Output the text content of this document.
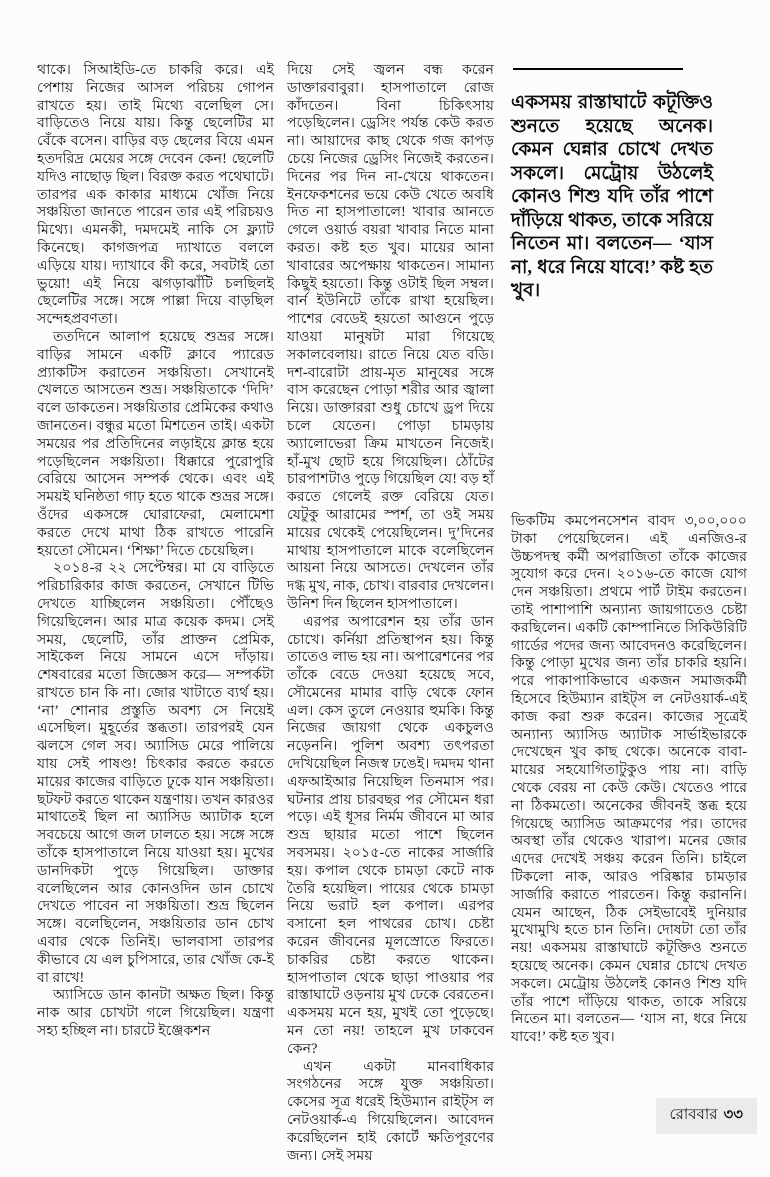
থাকে। সিআইডি-তে চাকরি করে। এই পেশায় নিজের আসল পরিচয় গোপন রাখতে হয়। তাই মিথ্যে বলেছিল সে। বাড়িতেও নিয়ে যায়। কিন্তু ছেলেটির মা বেঁকে বসেন। বাড়ির বড় ছেলের বিয়ে এমন হতদরিদ্র মেয়ের সঙ্গে দেবেন কেন! ছেলেটি যদিও নাছোড় ছিল। বিরক্ত করত পথেঘাটে। তারপর এক কাকার মাধ্যমে খোঁজ নিয়ে সঞ্চয়িতা জানতে পারেন তার এই পরিচয়ও মিথ্যে। এমনকী, দমদমেই নাকি সে ফ্ল্যাট কিনেছে। কাগজপত্র দ্যাখাতে বললে এড়িয়ে যায়। দ্যাখাবে কী করে, সবটাই তো ভুয়ো! এই নিয়ে ঝগড়াঝাঁটি চলছিলই ছেলেটির সঙ্গে। সঙ্গে পাল্লা দিয়ে বাড়ছিল সন্দেহপ্রবণতা।

ততদিনে আলাপ হয়েছে শুভ্রর সঙ্গে। বাড়ির সামনে একটি ক্লাবে প্যারেড প্র্যাকটিস করাতেন সঞ্চয়িতা। সেখানেই খেলতে আসতেন শুভ্র। সঞ্চয়িতাকে ‘দিদি’ বলে ডাকতেন। সঞ্চয়িতার প্রেমিকের কথাও জানতেন। বন্ধুর মতো মিশতেন তাই। একটা সময়ের পর প্রতিদিনের লড়াইয়ে ক্লান্ত হয়ে পড়েছিলেন সঞ্চয়িতা। ধিক্কারে পুরোপুরি বেরিয়ে আসেন সম্পর্ক থেকে। এবং এই সময়ই ঘনিষ্ঠতা গাঢ় হতে থাকে শুভ্রর সঙ্গে। ওঁদের একসঙ্গে ঘোরাফেরা, মেলামেশা করতে দেখে মাথা ঠিক রাখতে পারেনি হয়তো সৌমেন। ‘শিক্ষা’ দিতে চেয়েছিল।

২০১৪-র ২২ সেপ্টেম্বর। মা যে বাড়িতে পরিচারিকার কাজ করতেন, সেখানে টিভি দেখতে যাচ্ছিলেন সঞ্চয়িতা। পৌঁছেও গিয়েছিলেন। আর মাত্র কয়েক কদম। সেই সময়, ছেলেটি, তাঁর প্রাক্তন প্রেমিক, সাইকেল নিয়ে সামনে এসে দাঁড়ায়। শেষবারের মতো জিজ্ঞেস করে— সম্পর্কটা রাখতে চান কি না। জোর খাটাতে ব্যর্থ হয়। ‘না’ শোনার প্রস্তুতি অবশ্য সে নিয়েই এসেছিল। মুহূর্তের স্তব্ধতা। তারপরই যেন ঝলসে গেল সব। অ্যাসিড মেরে পালিয়ে যায় সেই পাষণ্ড! চিৎকার করতে করতে মায়ের কাজের বাড়িতে ঢুকে যান সঞ্চয়িতা। ছটফট করতে থাকেন যন্ত্রণায়। তখন কারওর মাথাতেই ছিল না অ্যাসিড অ্যাটাক হলে সবচেয়ে আগে জল ঢালতে হয়। সঙ্গে সঙ্গে তাঁকে হাসপাতালে নিয়ে যাওয়া হয়। মুখের ডানদিকটা পুড়ে গিয়েছিল। ডাক্তার বলেছিলেন আর কোনওদিন ডান চোখে দেখতে পাবেন না সঞ্চয়িতা। শুভ্র ছিলেন সঙ্গে। বলেছিলেন, সঞ্চয়িতার ডান চোখ এবার থেকে তিনিই। ভালবাসা তারপর কীভাবে যে এল চুপিসারে, তার খোঁজ কে-ই বা রাখে!

অ্যাসিডে ডান কানটা অক্ষত ছিল। কিন্তু নাক আর চোখটা গলে গিয়েছিল। যন্ত্রণা সহ্য হচ্ছিল না। চারটে ইঞ্জেকশন

দিয়ে সেই জ্বলন বন্ধ করেন ডাক্তারবাবুরা। হাসপাতালে রোজ কাঁদতেন। বিনা চিকিৎসায় পড়েছিলেন। ড্রেসিং পর্যন্ত কেউ করত না। আয়াদের কাছ থেকে গজ কাপড় চেয়ে নিজের ড্রেসিং নিজেই করতেন। দিনের পর দিন না-খেয়ে থাকতেন। ইনফেকশনের ভয়ে কেউ খেতে অবধি দিত না হাসপাতালে! খাবার আনতে গেলে ওয়ার্ড বয়রা খাবার নিতে মানা করত। কষ্ট হত খুব। মায়ের আনা খাবারের অপেক্ষায় থাকতেন। সামান্য কিছুই হয়তো। কিন্তু ওটাই ছিল সম্বল। বার্ন ইউনিটে তাঁকে রাখা হয়েছিল। পাশের বেডেই হয়তো আগুনে পুড়ে যাওয়া মানুষটা মারা গিয়েছে সকালবেলায়। রাতে নিয়ে যেত বডি। দশ-বারোটা প্রায়-মৃত মানুষের সঙ্গে বাস করেছেন পোড়া শরীর আর জ্বালা নিয়ে। ডাক্তাররা শুধু চোখে ড্রপ দিয়ে চলে যেতেন। পোড়া চামড়ায় অ্যালোভেরা ক্রিম মাখতেন নিজেই। হাঁ-মুখ ছোট হয়ে গিয়েছিল। ঠোঁটের চারপাশটাও পুড়ে গিয়েছিল যে! বড় হাঁ করতে গেলেই রক্ত বেরিয়ে যেত। যেটুকু আরামের স্পর্শ, তা ওই সময় মায়ের থেকেই পেয়েছিলেন। দু’দিনের মাথায় হাসপাতালে মাকে বলেছিলেন আয়না নিয়ে আসতে। দেখলেন তাঁর দগ্ধ মুখ, নাক, চোখ। বারবার দেখলেন। উনিশ দিন ছিলেন হাসপাতালে।

এরপর অপারেশন হয় তাঁর ডান চোখে। কর্নিয়া প্রতিস্থাপন হয়। কিন্তু তাতেও লাভ হয় না। অপারেশনের পর তাঁকে বেডে দেওয়া হয়েছে সবে, সৌমেনের মামার বাড়ি থেকে ফোন এল। কেস তুলে নেওয়ার হুমকি। কিন্তু নিজের জায়গা থেকে একচুলও নড়েননি। পুলিশ অবশ্য তৎপরতা দেখিয়েছিল নিজস্ব ঢঙেই। দমদম থানা এফআইআর নিয়েছিল তিনমাস পর। ঘটনার প্রায় চারবছর পর সৌমেন ধরা পড়ে। এই ধূসর নির্মম জীবনে মা আর শুভ্র ছায়ার মতো পাশে ছিলেন সবসময়। ২০১৫-তে নাকের সার্জারি হয়। কপাল থেকে চামড়া কেটে নাক তৈরি হয়েছিল। পায়ের থেকে চামড়া নিয়ে ভরাট হল কপাল। এরপর বসানো হল পাথরের চোখ। চেষ্টা করেন জীবনের মূলস্রোতে ফিরতে। চাকরির চেষ্টা করতে থাকেন। হাসপাতাল থেকে ছাড়া পাওয়ার পর রাস্তাঘাটে ওড়নায় মুখ ঢেকে বেরতেন। একসময় মনে হয়, মুখই তো পুড়েছে। মন তো নয়! তাহলে মুখ ঢাকবেন কেন?

এখন একটা মানবাধিকার সংগঠনের সঙ্গে যুক্ত সঞ্চয়িতা। কেসের সূত্র ধরেই হিউম্যান রাইট্‌স ল নেটওয়ার্ক-এ গিয়েছিলেন। আবেদন করেছিলেন হাই কোর্টে ক্ষতিপূরণের জন্য। সেই সময়

একসময় রাস্তাঘাটে কটূক্তিও শুনতে হয়েছে অনেক। কেমন ঘেন্নার চোখে দেখত সকলে। মেট্রোয় উঠলেই কোনও শিশু যদি তাঁর পাশে দাঁড়িয়ে থাকত, তাকে সরিয়ে নিতেন মা। বলতেন— ‘যাস না, ধরে নিয়ে যাবে!’ কষ্ট হত খুব।

ভিকটিম কমপেনসেশন বাবদ ৩,০০,০০০ টাকা পেয়েছিলেন। এই এনজিও-র উচ্চপদস্থ কর্মী অপরাজিতা তাঁকে কাজের সুযোগ করে দেন। ২০১৬-তে কাজে যোগ দেন সঞ্চয়িতা। প্রথমে পার্ট টাইম করতেন। তাই পাশাপাশি অন্যান্য জায়গাতেও চেষ্টা করছিলেন। একটি কোম্পানিতে সিকিউরিটি গার্ডের পদের জন্য আবেদনও করেছিলেন। কিন্তু পোড়া মুখের জন্য তাঁর চাকরি হয়নি। পরে পাকাপাকিভাবে একজন সমাজকর্মী হিসেবে হিউম্যান রাইট্‌স ল নেটওয়ার্ক-এই কাজ করা শুরু করেন। কাজের সূত্রেই অন্যান্য অ্যাসিড অ্যাটাক সার্ভাইভারকে দেখেছেন খুব কাছ থেকে। অনেকে বাবা-মায়ের সহযোগিতাটুকুও পায় না। বাড়ি থেকে বেরয় না কেউ কেউ। খেতেও পারে না ঠিকমতো। অনেকের জীবনই স্তব্ধ হয়ে গিয়েছে অ্যাসিড আক্রমণের পর। তাদের অবস্থা তাঁর থেকেও খারাপ। মনের জোর এদের দেখেই সঞ্চয় করেন তিনি। চাইলে টিকলো নাক, আরও পরিষ্কার চামড়ার সার্জারি করাতে পারতেন। কিন্তু করাননি। যেমন আছেন, ঠিক সেইভাবেই দুনিয়ার মুখোমুখি হতে চান তিনি। দোষটা তো তাঁর নয়! একসময় রাস্তাঘাটে কটূক্তিও শুনতে হয়েছে অনেক। কেমন ঘেন্নার চোখে দেখত সকলে। মেট্রোয় উঠলেই কোনও শিশু যদি তাঁর পাশে দাঁড়িয়ে থাকত, তাকে সরিয়ে নিতেন মা। বলতেন— ‘যাস না, ধরে নিয়ে যাবে!’ কষ্ট হত খুব।

রোববার ৩৩
